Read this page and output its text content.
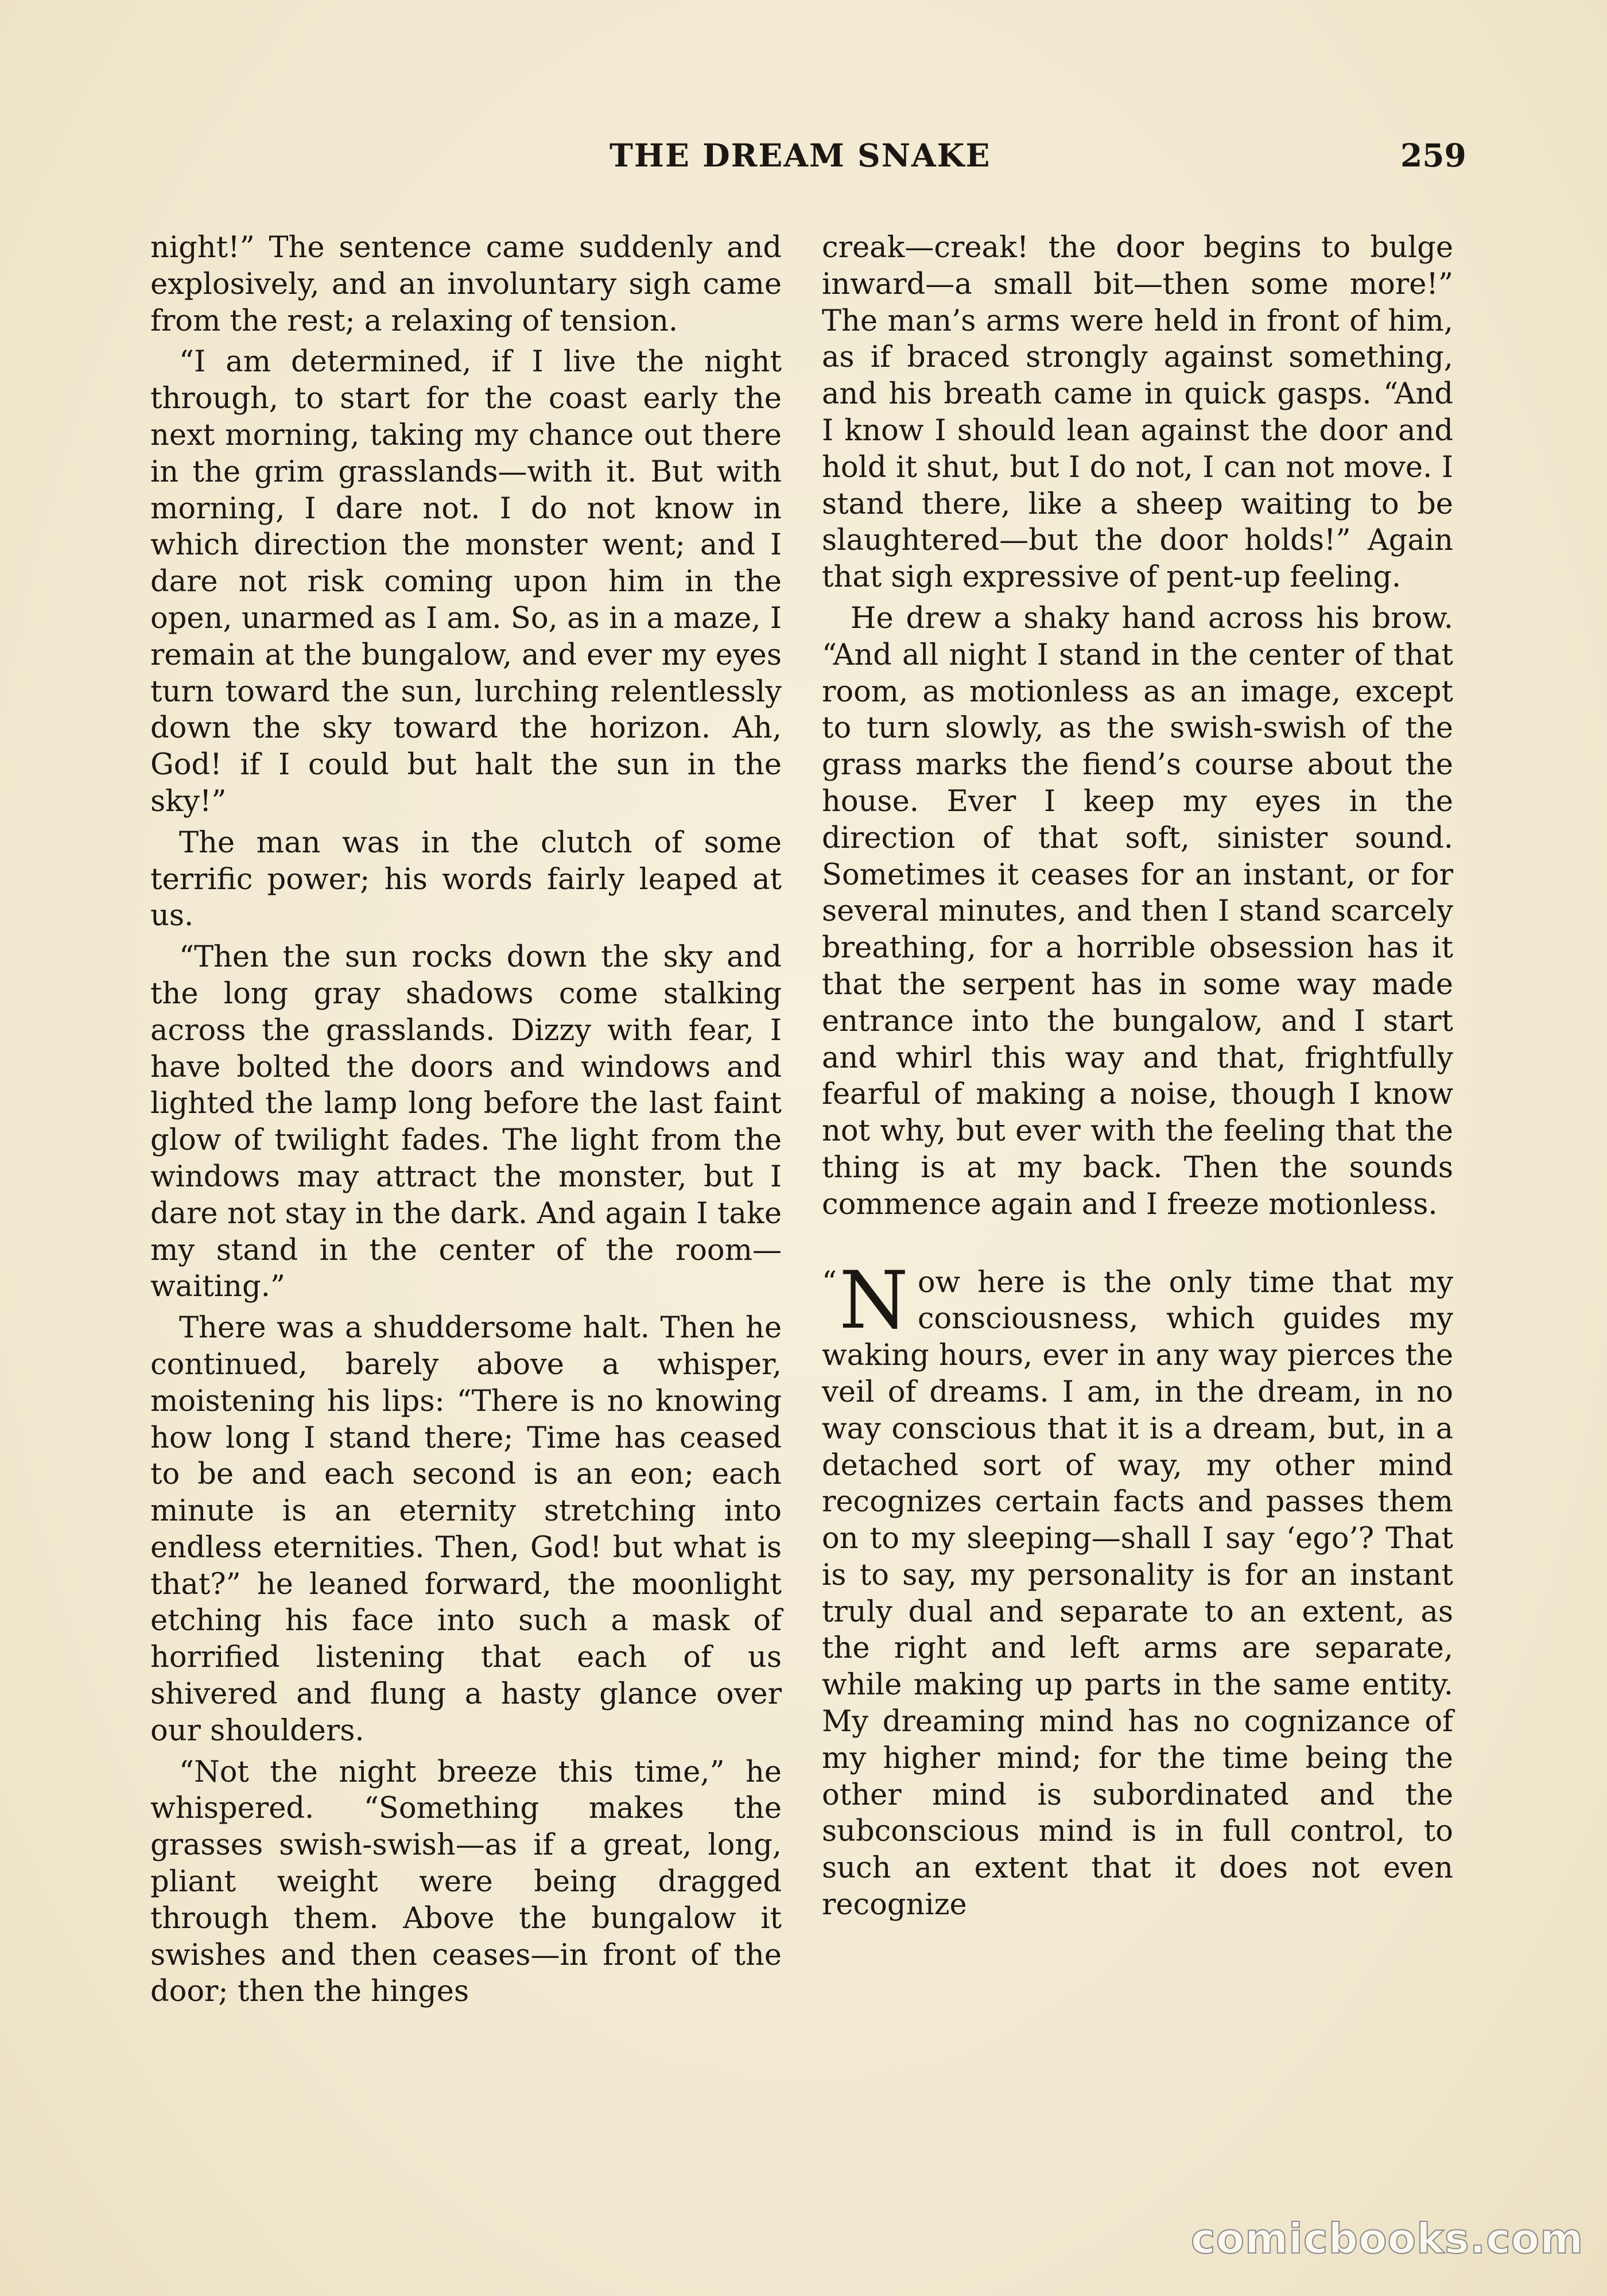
THE DREAM SNAKE	259

night!” The sentence came suddenly and explosively, and an involuntary sigh came from the rest; a relaxing of tension.

“I am determined, if I live the night through, to start for the coast early the next morning, taking my chance out there in the grim grasslands—with it. But with morning, I dare not. I do not know in which direction the monster went; and I dare not risk coming upon him in the open, unarmed as I am. So, as in a maze, I remain at the bungalow, and ever my eyes turn toward the sun, lurching relentlessly down the sky toward the horizon. Ah, God! if I could but halt the sun in the sky!”

The man was in the clutch of some terrific power; his words fairly leaped at us.

“Then the sun rocks down the sky and the long gray shadows come stalking across the grasslands. Dizzy with fear, I have bolted the doors and windows and lighted the lamp long before the last faint glow of twilight fades. The light from the windows may attract the monster, but I dare not stay in the dark. And again I take my stand in the center of the room—waiting.”

There was a shuddersome halt. Then he continued, barely above a whisper, moistening his lips: “There is no knowing how long I stand there; Time has ceased to be and each second is an eon; each minute is an eternity stretching into endless eternities. Then, God! but what is that?” he leaned forward, the moonlight etching his face into such a mask of horrified listening that each of us shivered and flung a hasty glance over our shoulders.

“Not the night breeze this time,” he whispered. “Something makes the grasses swish-swish—as if a great, long, pliant weight were being dragged through them. Above the bungalow it swishes and then ceases—in front of the door; then the hinges

creak—creak! the door begins to bulge inward—a small bit—then some more!” The man’s arms were held in front of him, as if braced strongly against something, and his breath came in quick gasps. “And I know I should lean against the door and hold it shut, but I do not, I can not move. I stand there, like a sheep waiting to be slaughtered—but the door holds!” Again that sigh expressive of pent-up feeling.

He drew a shaky hand across his brow. “And all night I stand in the center of that room, as motionless as an image, except to turn slowly, as the swish-swish of the grass marks the fiend’s course about the house. Ever I keep my eyes in the direction of that soft, sinister sound. Sometimes it ceases for an instant, or for several minutes, and then I stand scarcely breathing, for a horrible obsession has it that the serpent has in some way made entrance into the bungalow, and I start and whirl this way and that, frightfully fearful of making a noise, though I know not why, but ever with the feeling that the thing is at my back. Then the sounds commence again and I freeze motionless.

“ N ow here is the only time that my consciousness, which guides my waking hours, ever in any way pierces the veil of dreams. I am, in the dream, in no way conscious that it is a dream, but, in a detached sort of way, my other mind recognizes certain facts and passes them on to my sleeping—shall I say ‘ego’? That is to say, my personality is for an instant truly dual and separate to an extent, as the right and left arms are separate, while making up parts in the same entity. My dreaming mind has no cognizance of my higher mind; for the time being the other mind is subordinated and the subconscious mind is in full control, to such an extent that it does not even recognize

comicbooks.com
